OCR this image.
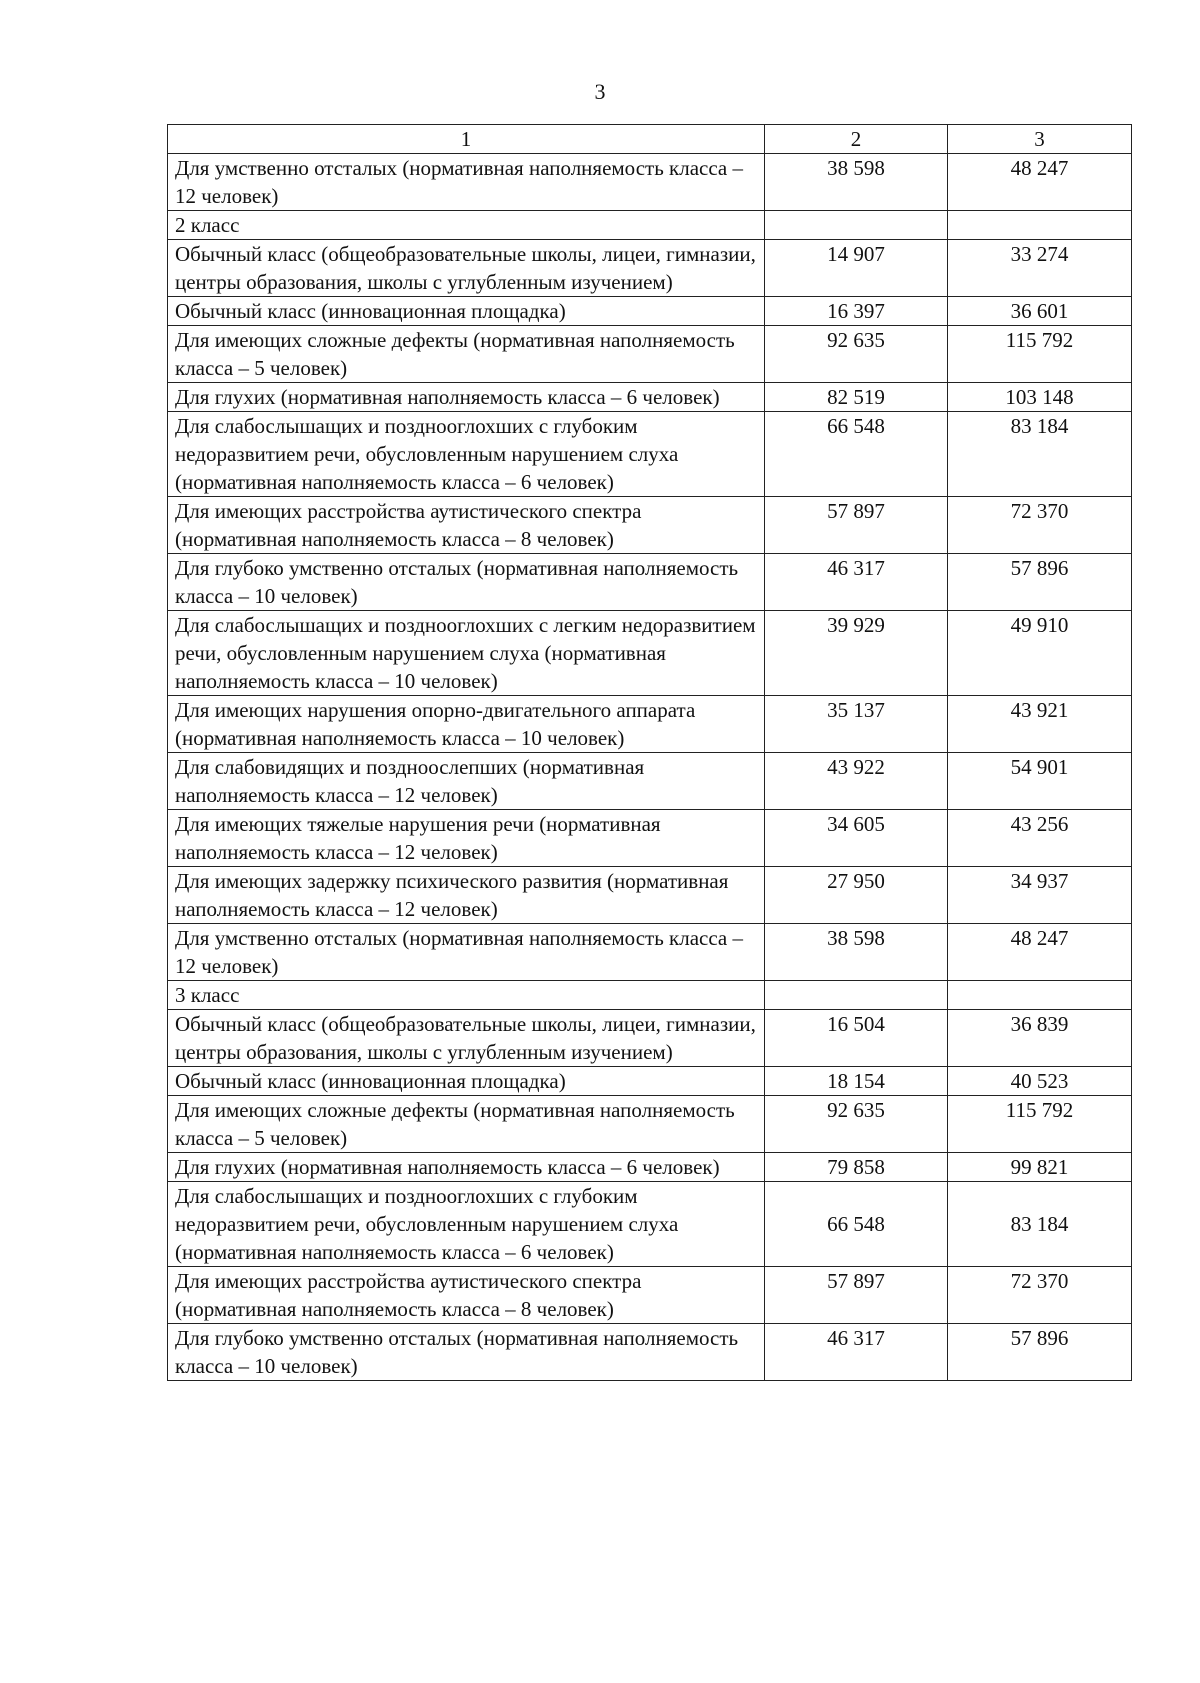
3
1	2	3
Для умственно отсталых (нормативная наполняемость класса – 12 человек)	38 598	48 247
2 класс		
Обычный класс (общеобразовательные школы, лицеи, гимназии, центры образования, школы с углубленным изучением)	14 907	33 274
Обычный класс (инновационная площадка)	16 397	36 601
Для имеющих сложные дефекты (нормативная наполняемость класса – 5 человек)	92 635	115 792
Для глухих (нормативная наполняемость класса – 6 человек)	82 519	103 148
Для слабослышащих и позднооглохших с глубоким недоразвитием речи, обусловленным нарушением слуха (нормативная наполняемость класса – 6 человек)	66 548	83 184
Для имеющих расстройства аутистического спектра (нормативная наполняемость класса – 8 человек)	57 897	72 370
Для глубоко умственно отсталых (нормативная наполняемость класса – 10 человек)	46 317	57 896
Для слабослышащих и позднооглохших с легким недоразвитием речи, обусловленным нарушением слуха (нормативная наполняемость класса – 10 человек)	39 929	49 910
Для имеющих нарушения опорно-двигательного аппарата (нормативная наполняемость класса – 10 человек)	35 137	43 921
Для слабовидящих и поздноослепших (нормативная наполняемость класса – 12 человек)	43 922	54 901
Для имеющих тяжелые нарушения речи (нормативная наполняемость класса – 12 человек)	34 605	43 256
Для имеющих задержку психического развития (нормативная наполняемость класса – 12 человек)	27 950	34 937
Для умственно отсталых (нормативная наполняемость класса – 12 человек)	38 598	48 247
3 класс		
Обычный класс (общеобразовательные школы, лицеи, гимназии, центры образования, школы с углубленным изучением)	16 504	36 839
Обычный класс (инновационная площадка)	18 154	40 523
Для имеющих сложные дефекты (нормативная наполняемость класса – 5 человек)	92 635	115 792
Для глухих (нормативная наполняемость класса – 6 человек)	79 858	99 821
Для слабослышащих и позднооглохших с глубоким недоразвитием речи, обусловленным нарушением слуха (нормативная наполняемость класса – 6 человек)	66 548	83 184
Для имеющих расстройства аутистического спектра (нормативная наполняемость класса – 8 человек)	57 897	72 370
Для глубоко умственно отсталых (нормативная наполняемость класса – 10 человек)	46 317	57 896
